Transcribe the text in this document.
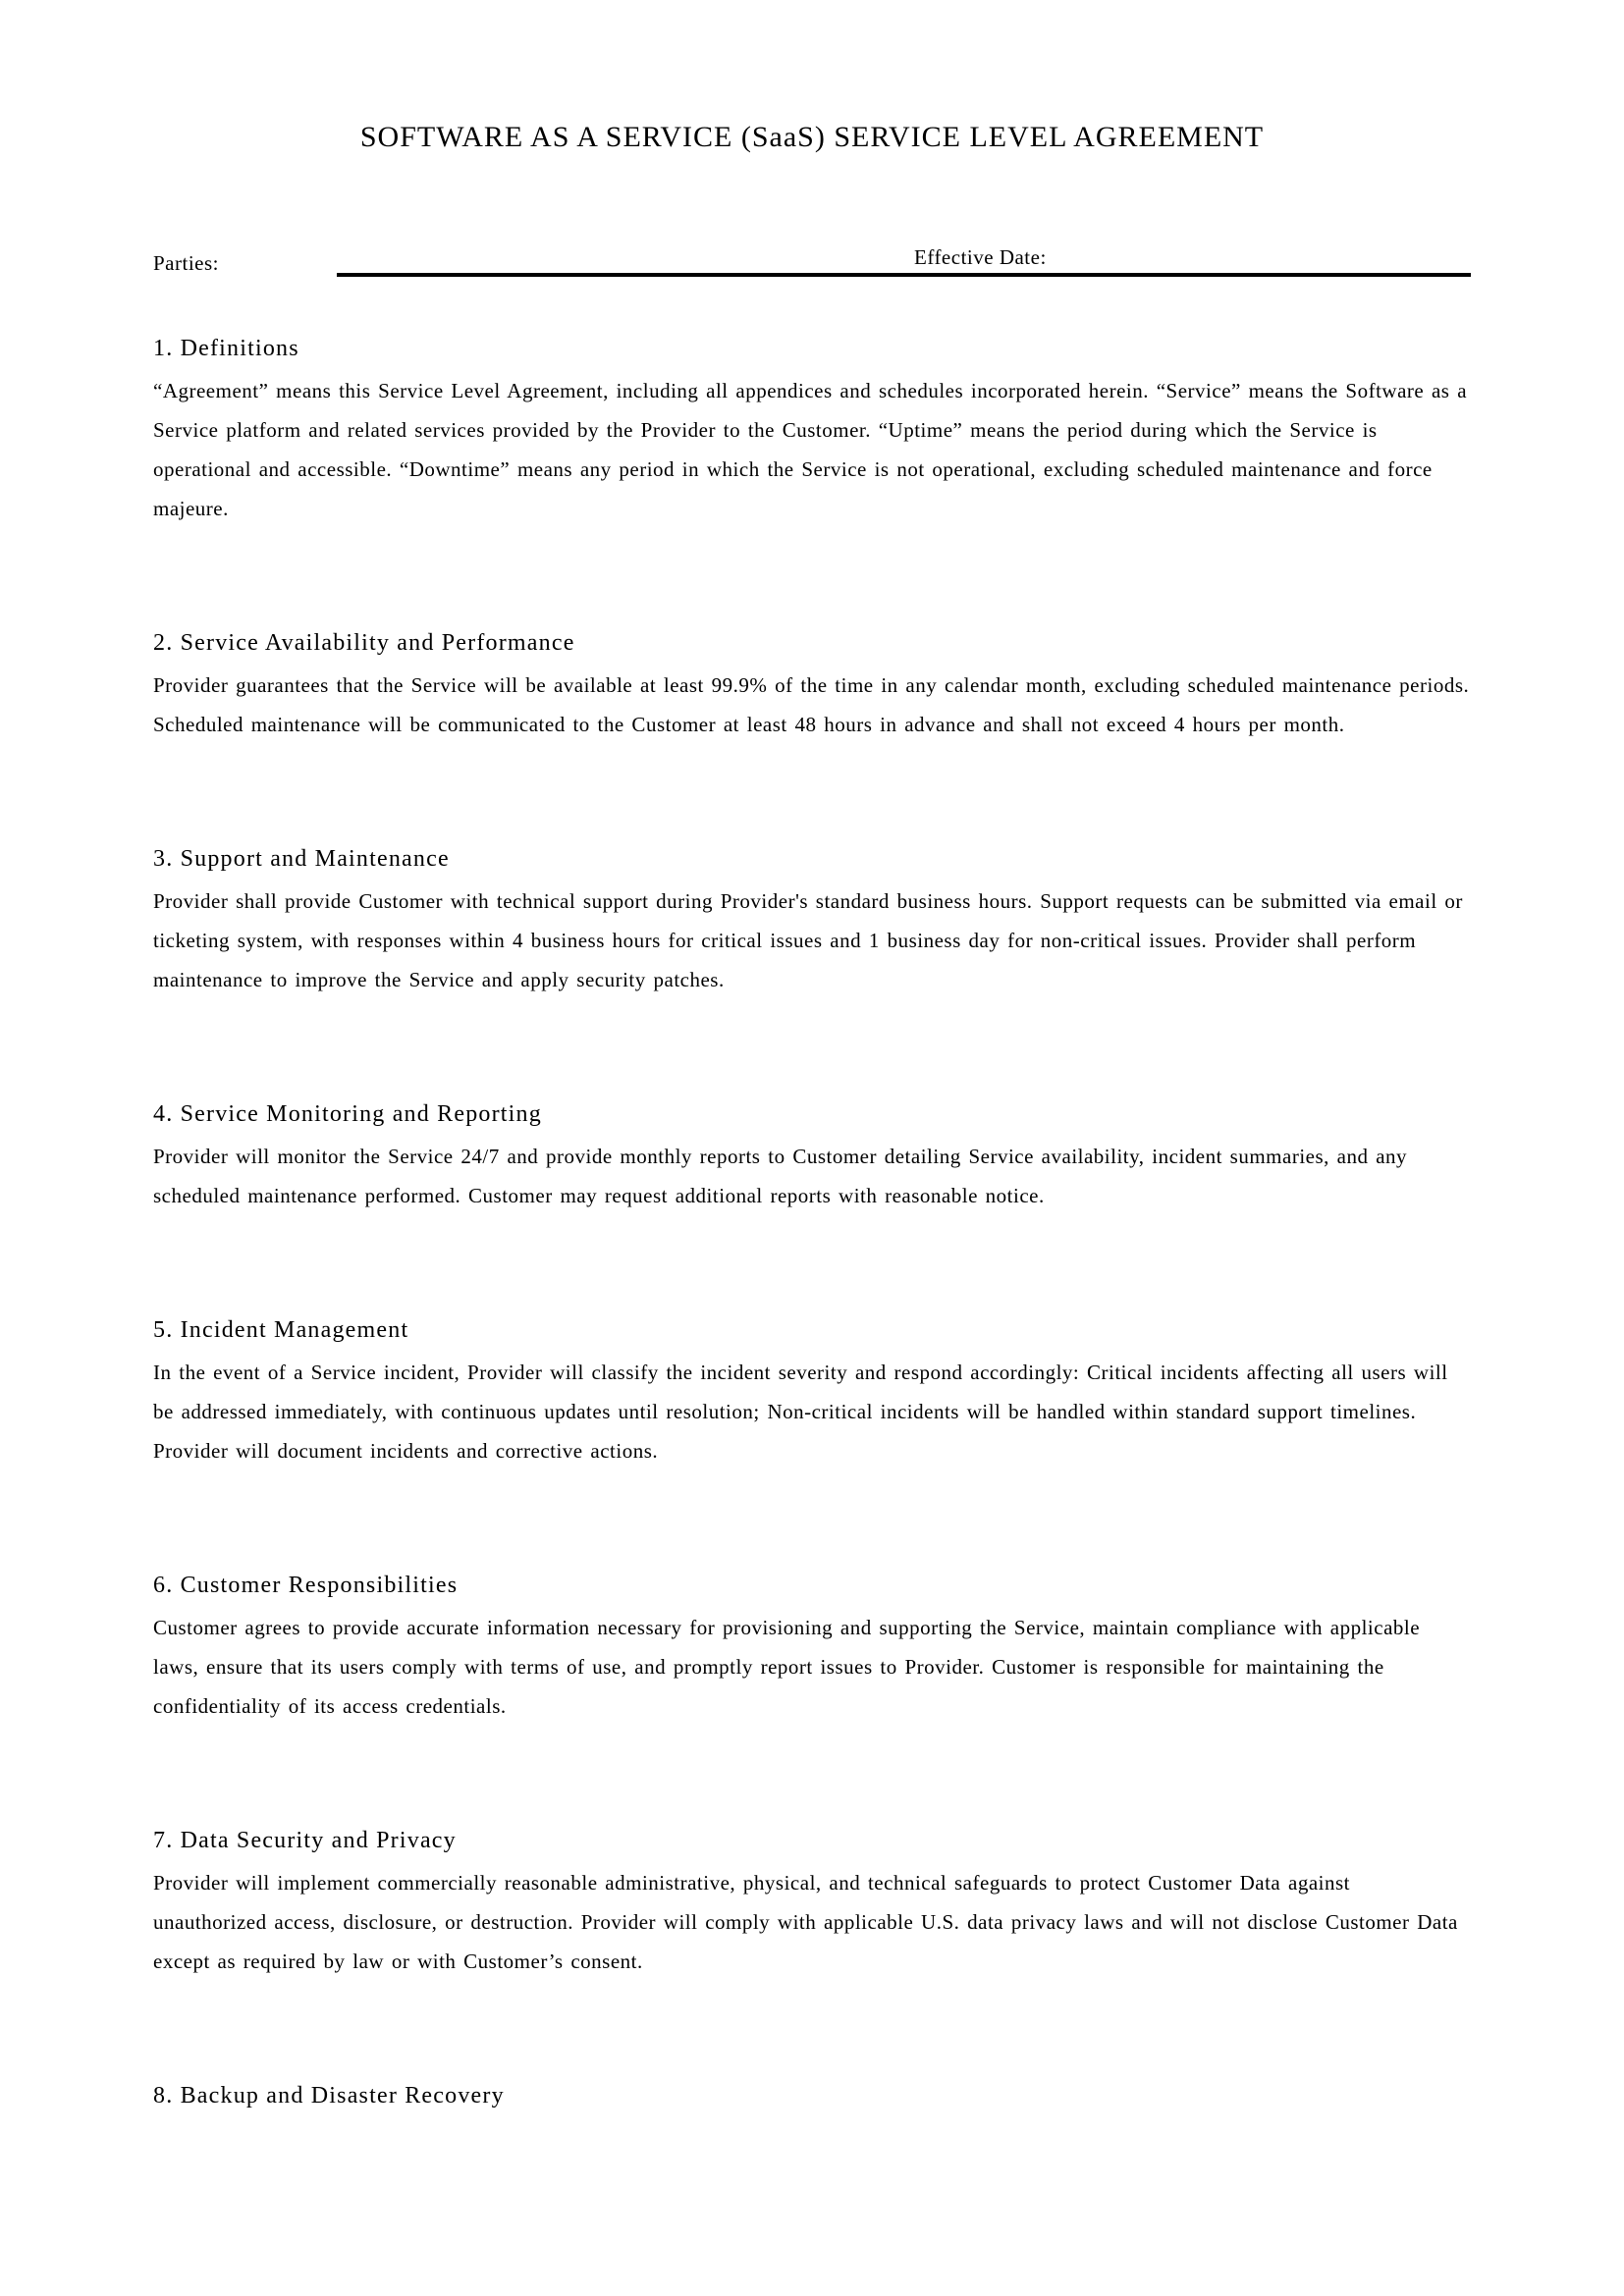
SOFTWARE AS A SERVICE (SaaS) SERVICE LEVEL AGREEMENT
Parties:	Effective Date:
1. Definitions

“Agreement” means this Service Level Agreement, including all appendices and schedules incorporated herein. “Service” means the Software as a Service platform and related services provided by the Provider to the Customer. “Uptime” means the period during which the Service is operational and accessible. “Downtime” means any period in which the Service is not operational, excluding scheduled maintenance and force majeure.

2. Service Availability and Performance

Provider guarantees that the Service will be available at least 99.9% of the time in any calendar month, excluding scheduled maintenance periods. Scheduled maintenance will be communicated to the Customer at least 48 hours in advance and shall not exceed 4 hours per month.

3. Support and Maintenance

Provider shall provide Customer with technical support during Provider's standard business hours. Support requests can be submitted via email or ticketing system, with responses within 4 business hours for critical issues and 1 business day for non-critical issues. Provider shall perform maintenance to improve the Service and apply security patches.

4. Service Monitoring and Reporting

Provider will monitor the Service 24/7 and provide monthly reports to Customer detailing Service availability, incident summaries, and any scheduled maintenance performed. Customer may request additional reports with reasonable notice.

5. Incident Management

In the event of a Service incident, Provider will classify the incident severity and respond accordingly: Critical incidents affecting all users will be addressed immediately, with continuous updates until resolution; Non-critical incidents will be handled within standard support timelines. Provider will document incidents and corrective actions.

6. Customer Responsibilities

Customer agrees to provide accurate information necessary for provisioning and supporting the Service, maintain compliance with applicable laws, ensure that its users comply with terms of use, and promptly report issues to Provider. Customer is responsible for maintaining the confidentiality of its access credentials.

7. Data Security and Privacy

Provider will implement commercially reasonable administrative, physical, and technical safeguards to protect Customer Data against unauthorized access, disclosure, or destruction. Provider will comply with applicable U.S. data privacy laws and will not disclose Customer Data except as required by law or with Customer’s consent.

8. Backup and Disaster Recovery
